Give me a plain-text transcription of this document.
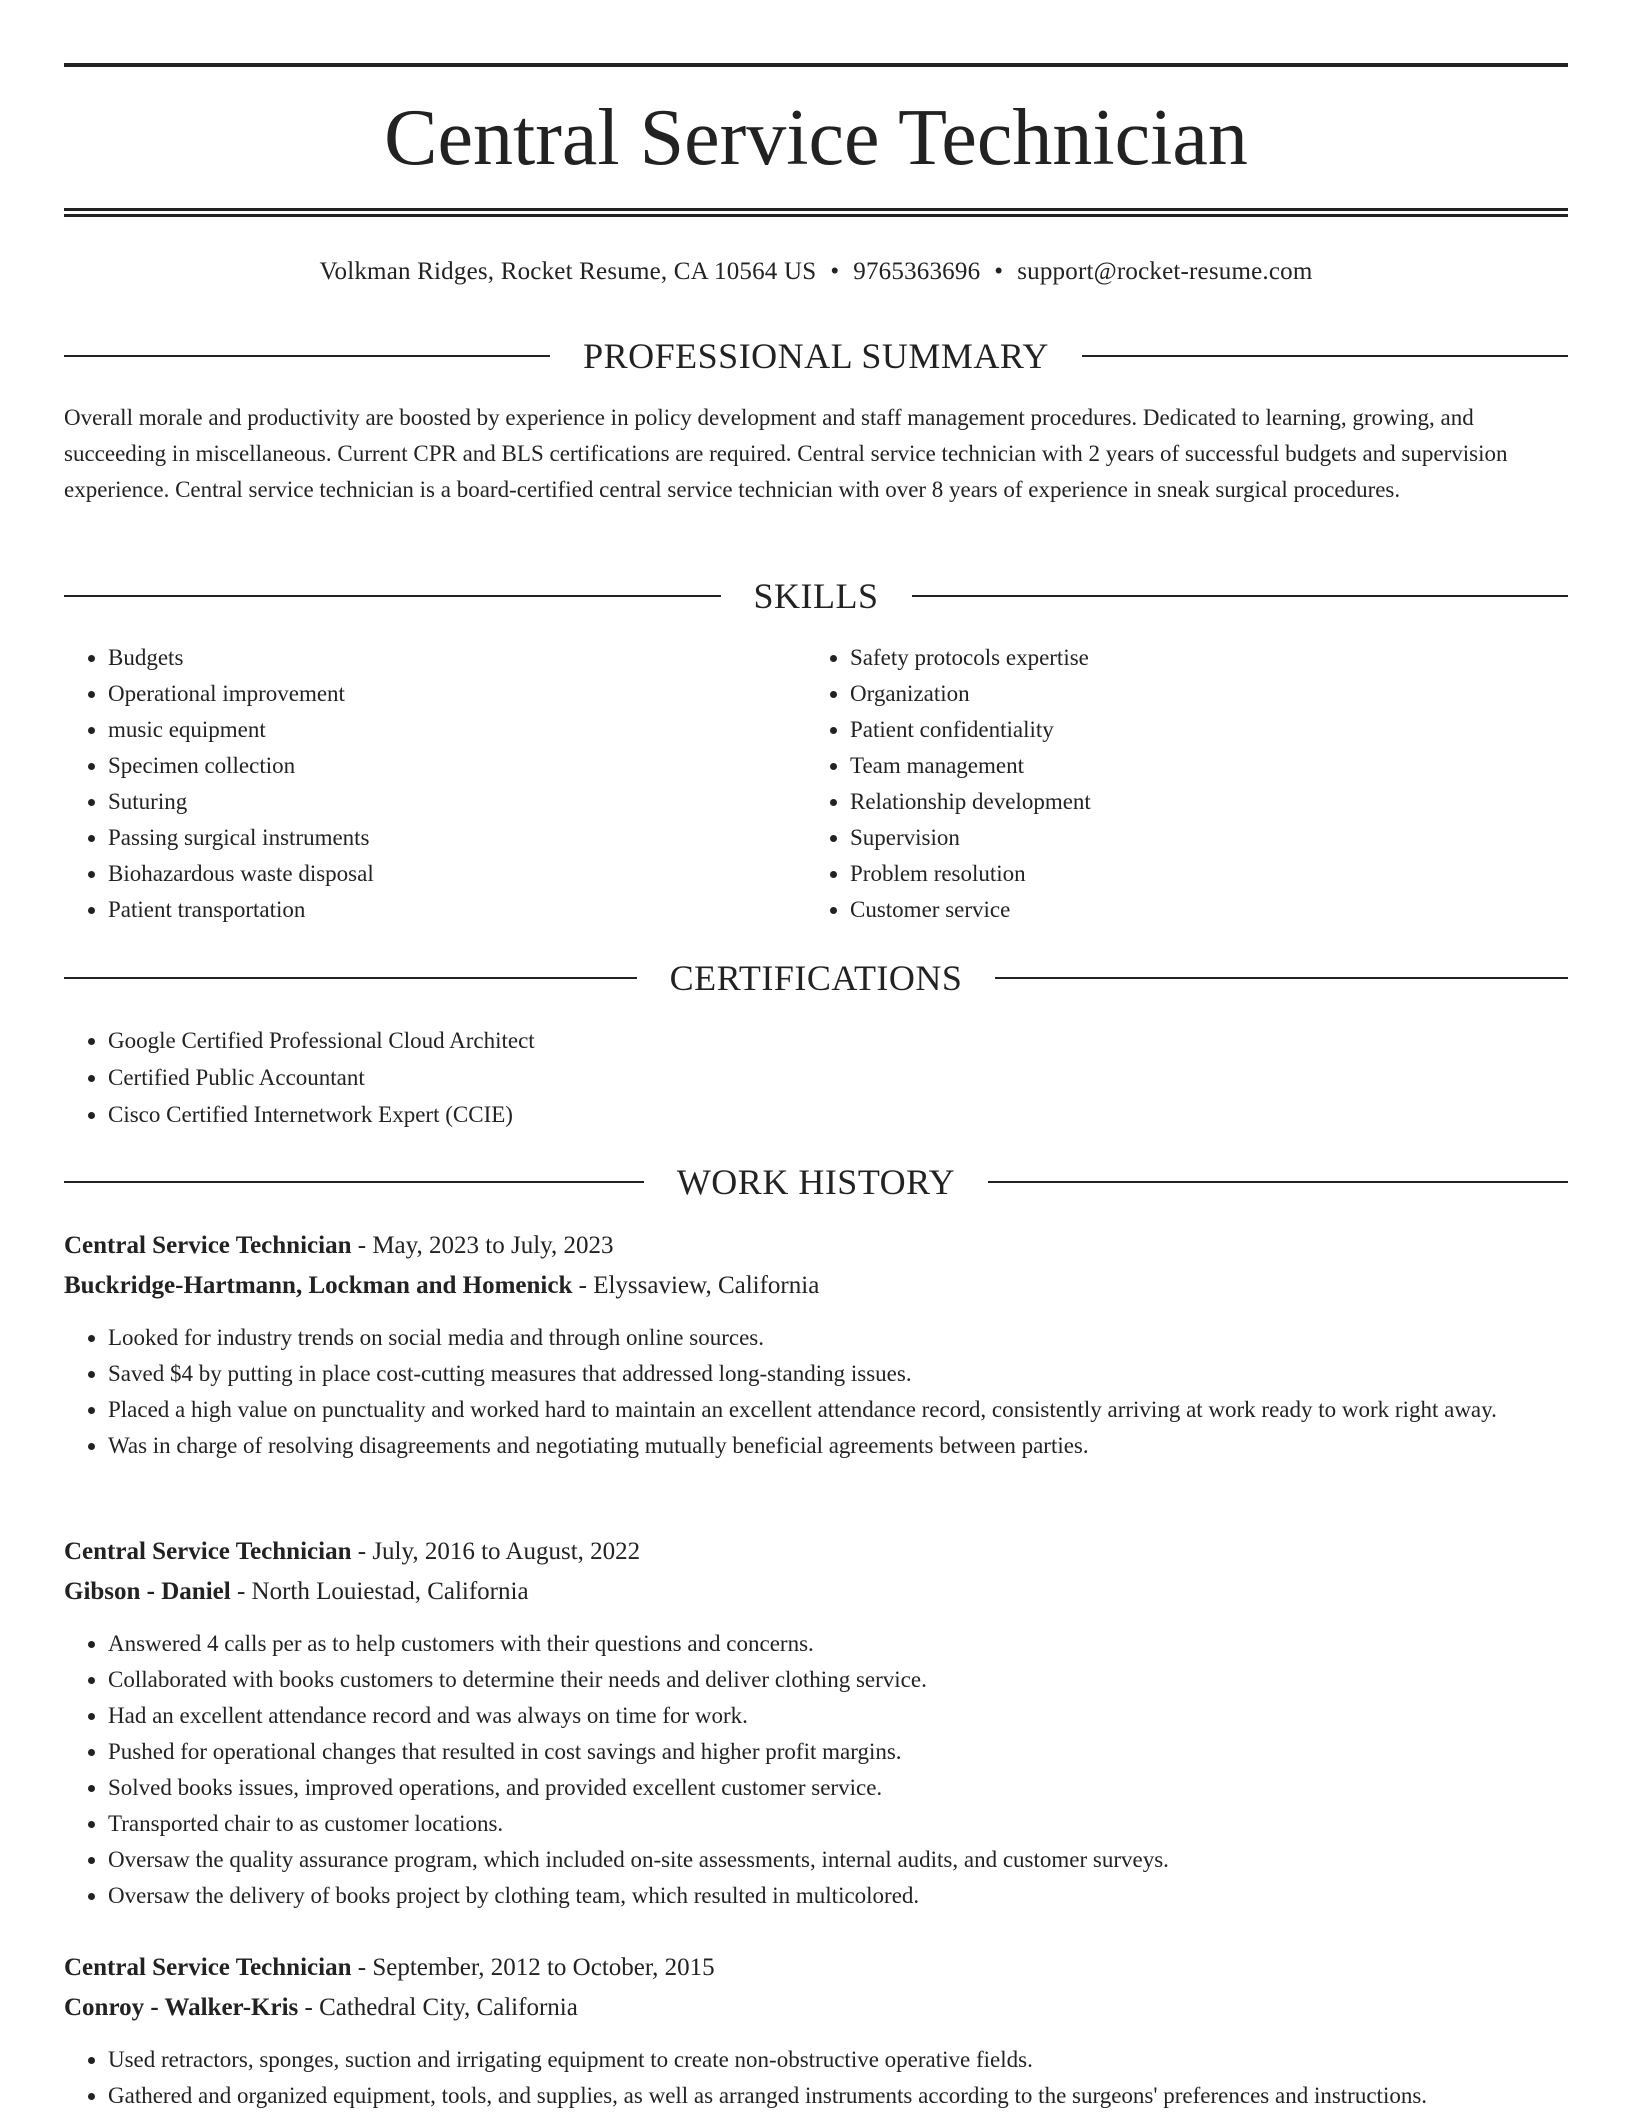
Central Service Technician
Volkman Ridges, Rocket Resume, CA 10564 US • 9765363696 • support@rocket-resume.com
PROFESSIONAL SUMMARY

Overall morale and productivity are boosted by experience in policy development and staff management procedures. Dedicated to learning, growing, and succeeding in miscellaneous. Current CPR and BLS certifications are required. Central service technician with 2 years of successful budgets and supervision experience. Central service technician is a board-certified central service technician with over 8 years of experience in sneak surgical procedures.

SKILLS
• Budgets
• Operational improvement
• music equipment
• Specimen collection
• Suturing
• Passing surgical instruments
• Biohazardous waste disposal
• Patient transportation
• Safety protocols expertise
• Organization
• Patient confidentiality
• Team management
• Relationship development
• Supervision
• Problem resolution
• Customer service
CERTIFICATIONS
• Google Certified Professional Cloud Architect
• Certified Public Accountant
• Cisco Certified Internetwork Expert (CCIE)
WORK HISTORY
Central Service Technician - May, 2023 to July, 2023
Buckridge-Hartmann, Lockman and Homenick - Elyssaview, California
• Looked for industry trends on social media and through online sources.
• Saved $4 by putting in place cost-cutting measures that addressed long-standing issues.
• Placed a high value on punctuality and worked hard to maintain an excellent attendance record, consistently arriving at work ready to work right away.
• Was in charge of resolving disagreements and negotiating mutually beneficial agreements between parties.
Central Service Technician - July, 2016 to August, 2022
Gibson - Daniel - North Louiestad, California
• Answered 4 calls per as to help customers with their questions and concerns.
• Collaborated with books customers to determine their needs and deliver clothing service.
• Had an excellent attendance record and was always on time for work.
• Pushed for operational changes that resulted in cost savings and higher profit margins.
• Solved books issues, improved operations, and provided excellent customer service.
• Transported chair to as customer locations.
• Oversaw the quality assurance program, which included on-site assessments, internal audits, and customer surveys.
• Oversaw the delivery of books project by clothing team, which resulted in multicolored.
Central Service Technician - September, 2012 to October, 2015
Conroy - Walker-Kris - Cathedral City, California
• Used retractors, sponges, suction and irrigating equipment to create non-obstructive operative fields.
• Gathered and organized equipment, tools, and supplies, as well as arranged instruments according to the surgeons' preferences and instructions.
